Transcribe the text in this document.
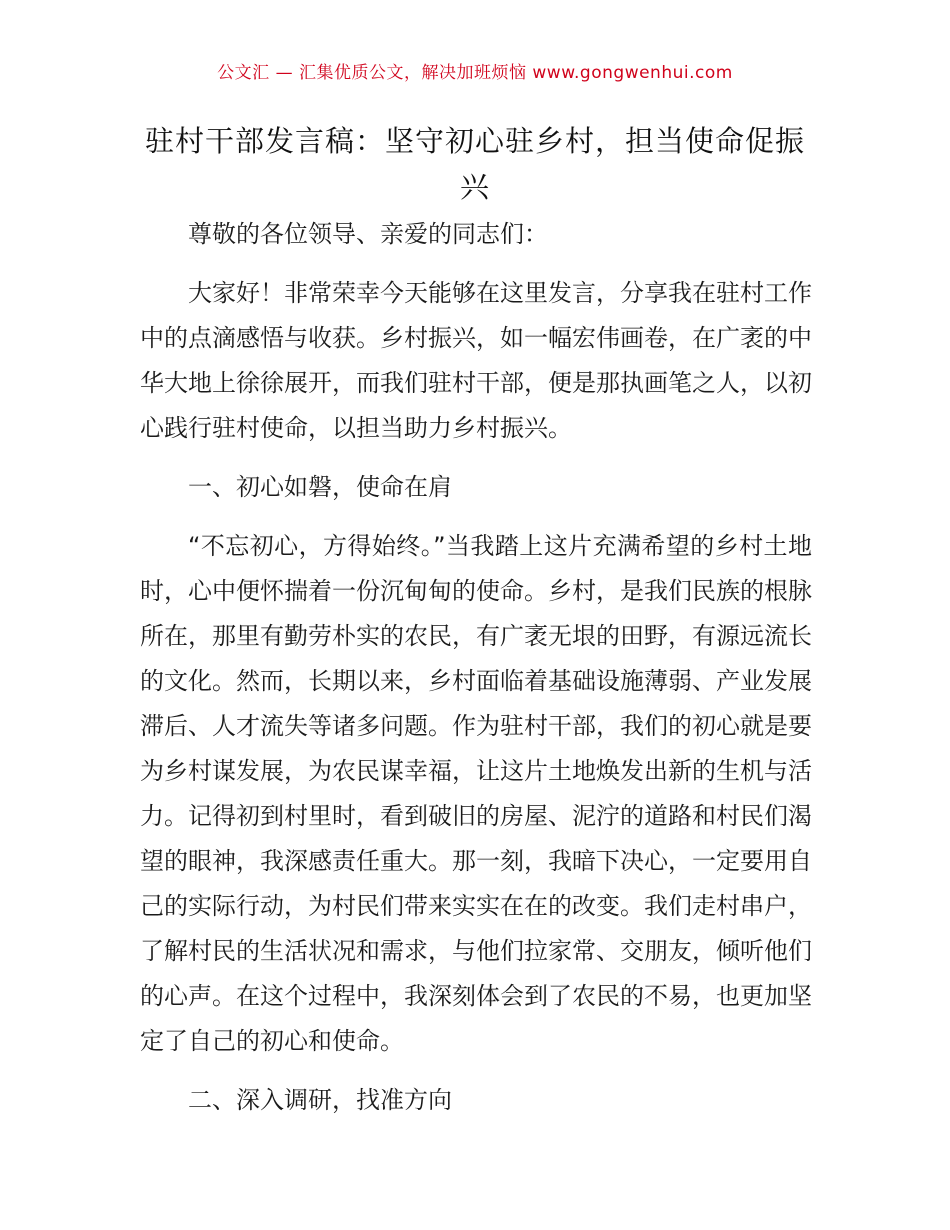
公文汇 — 汇集优质公文，解决加班烦恼 www.gongwenhui.com
驻村干部发言稿：坚守初心驻乡村，担当使命促振兴

尊敬的各位领导、亲爱的同志们：

大家好！非常荣幸今天能够在这里发言，分享我在驻村工作中的点滴感悟与收获。乡村振兴，如一幅宏伟画卷，在广袤的中华大地上徐徐展开，而我们驻村干部，便是那执画笔之人，以初心践行驻村使命，以担当助力乡村振兴。

一、初心如磐，使命在肩

“不忘初心，方得始终。”当我踏上这片充满希望的乡村土地时，心中便怀揣着一份沉甸甸的使命。乡村，是我们民族的根脉所在，那里有勤劳朴实的农民，有广袤无垠的田野，有源远流长的文化。然而，长期以来，乡村面临着基础设施薄弱、产业发展滞后、人才流失等诸多问题。作为驻村干部，我们的初心就是要为乡村谋发展，为农民谋幸福，让这片土地焕发出新的生机与活力。记得初到村里时，看到破旧的房屋、泥泞的道路和村民们渴望的眼神，我深感责任重大。那一刻，我暗下决心，一定要用自己的实际行动，为村民们带来实实在在的改变。我们走村串户，了解村民的生活状况和需求，与他们拉家常、交朋友，倾听他们的心声。在这个过程中，我深刻体会到了农民的不易，也更加坚定了自己的初心和使命。

二、深入调研，找准方向
